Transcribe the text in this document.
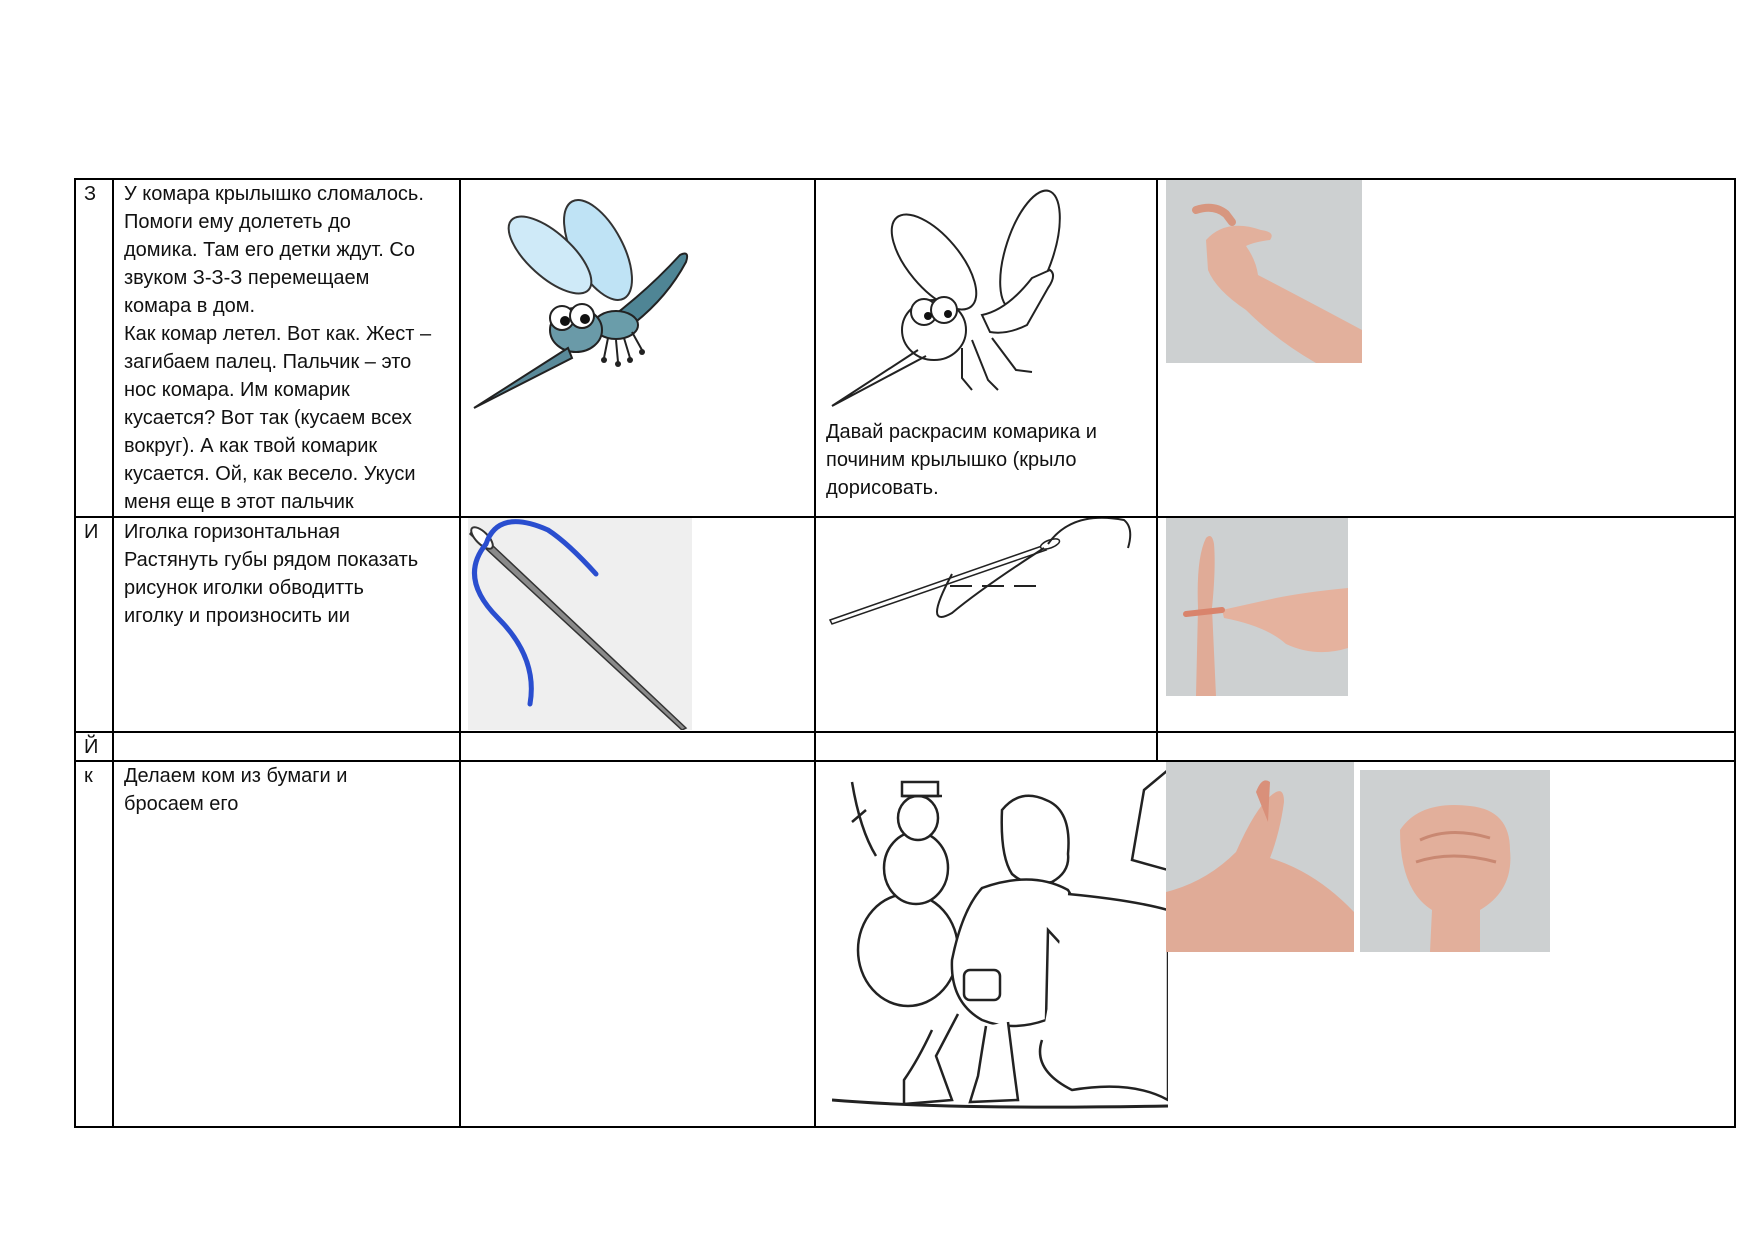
З У комара крылышко сломалось.
Помоги ему долететь до
домика. Там его детки ждут. Со
звуком З-З-З перемещаем
комара в дом.
Как комар летел. Вот как. Жест –
загибаем палец. Пальчик – это
нос комара. Им комарик
кусается? Вот так (кусаем всех
вокруг). А как твой комарик
кусается. Ой, как весело. Укуси
меня еще в этот пальчик
Давай раскрасим комарика и
починим крылышко (крыло
дорисовать.
И Иголка горизонтальная
Растянуть губы рядом показать
рисунок иголки обводитть
иголку и произносить ии
Й
к Делаем ком из бумаги и
бросаем его
